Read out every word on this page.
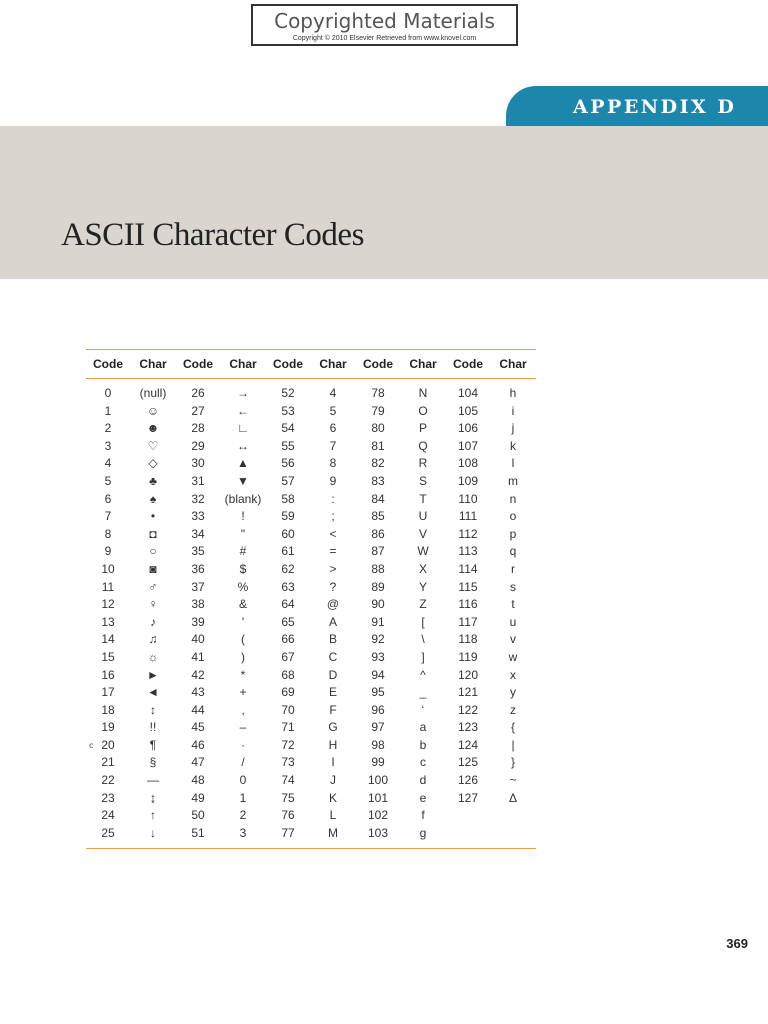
Copyrighted Materials
Copyright © 2010 Elsevier Retrieved from www.knovel.com
APPENDIX D
ASCII Character Codes
Code	Char	Code	Char	Code	Char	Code	Char	Code	Char
0	(null)	26	→	52	4	78	N	104	h
1	☺	27	←	53	5	79	O	105	i
2	☻	28	∟	54	6	80	P	106	j
3	♡	29	↔	55	7	81	Q	107	k
4	◇	30	▲	56	8	82	R	108	l
5	♣	31	▼	57	9	83	S	109	m
6	♠	32	(blank)	58	:	84	T	110	n
7	•	33	!	59	;	85	U	111	o
8	◘	34	"	60	<	86	V	112	p
9	○	35	#	61	=	87	W	113	q
10	◙	36	$	62	>	88	X	114	r
11	♂	37	%	63	?	89	Y	115	s
12	♀	38	&	64	@	90	Z	116	t
13	♪	39	'	65	A	91	[	117	u
14	♫	40	(	66	B	92	\	118	v
15	☼	41	)	67	C	93	]	119	w
16	►	42	*	68	D	94	^	120	x
17	◄	43	+	69	E	95	_	121	y
18	↕	44	,	70	F	96	‘	122	z
19	!!	45	–	71	G	97	a	123	{
20	¶	46	·	72	H	98	b	124	|
21	§	47	/	73	I	99	c	125	}
22	—	48	0	74	J	100	d	126	~
23	↨	49	1	75	K	101	e	127	Δ
24	↑	50	2	76	L	102	f		
25	↓	51	3	77	M	103	g		
c
369
